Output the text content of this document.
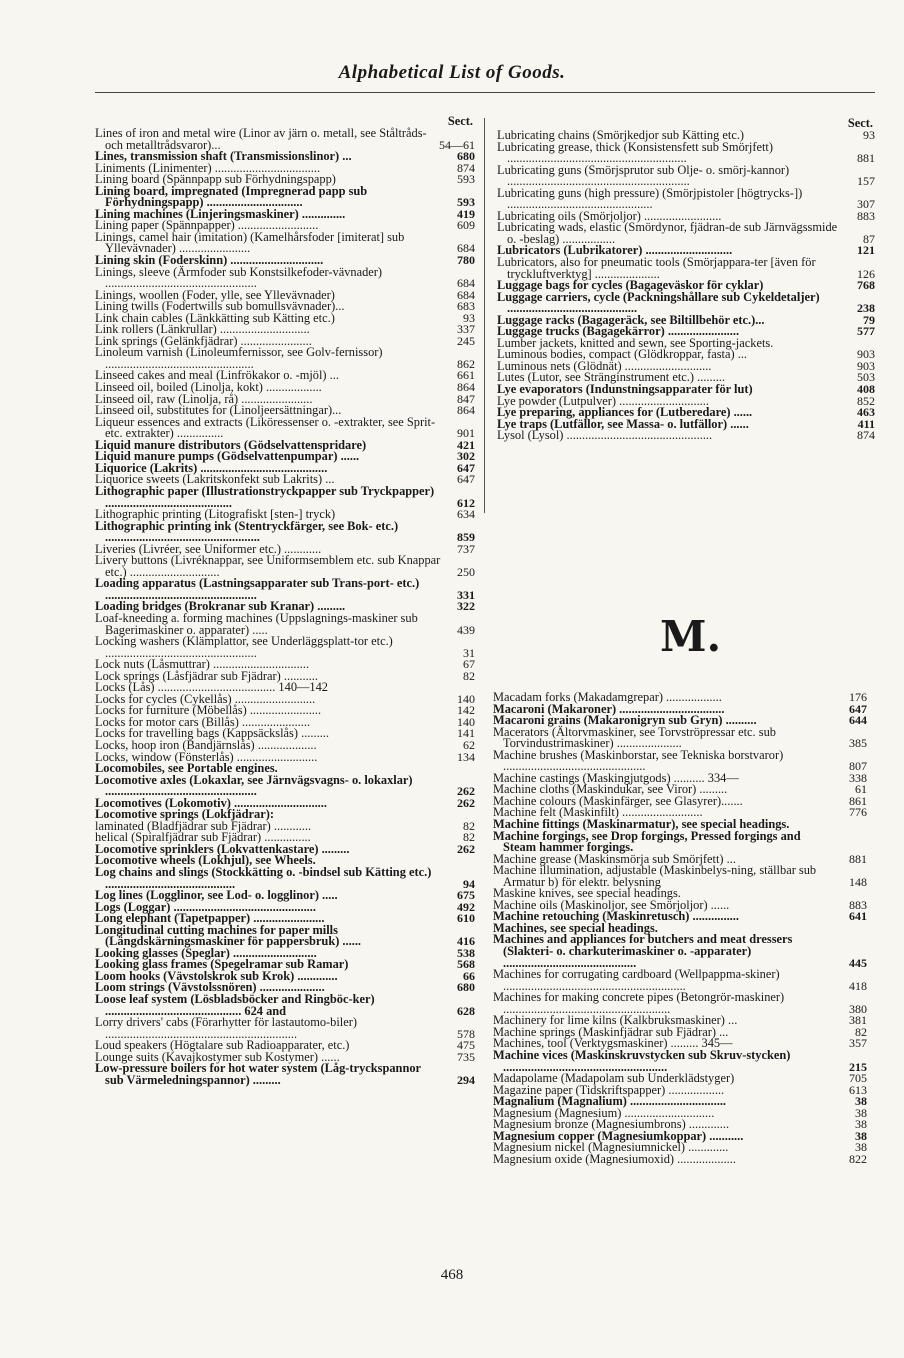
Alphabetical List of Goods.
Sect.
Lines of iron and metal wire (Linor av järn o. metall, see Ståltråds- och metalltrådsvaror)...	54—61
Lines, transmission shaft (Transmissionslinor) ...	680
Liniments (Linimenter) ..................................	874
Lining board (Spännpapp sub Förhydningspapp)	593
Lining board, impregnated (Impregnerad papp sub Förhydningspapp) ...............................	593
Lining machines (Linjeringsmaskiner) ..............	419
Lining paper (Spännpapper) ..........................	609
Linings, camel hair (imitation) (Kamelhårsfoder [imiterat] sub Yllevävnader) .......................	684
Lining skin (Foderskinn) ..............................	780
Linings, sleeve (Ärmfoder sub Konstsilkefoder-vävnader) .................................................	684
Linings, woollen (Foder, ylle, see Yllevävnader)	684
Lining twills (Fodertwills sub bomullsvävnader)...	683
Link chain cables (Länkkätting sub Kätting etc.)	93
Link rollers (Länkrullar) .............................	337
Link springs (Gelänkfjädrar) .......................	245
Linoleum varnish (Linoleumfernissor, see Golv-fernissor) ................................................	862
Linseed cakes and meal (Linfrökakor o. -mjöl) ...	661
Linseed oil, boiled (Linolja, kokt) ..................	864
Linseed oil, raw (Linolja, rå) .......................	847
Linseed oil, substitutes for (Linoljeersättningar)...	864
Liqueur essences and extracts (Liköressenser o. -extrakter, see Sprit- etc. extrakter) ...............	901
Liquid manure distributors (Gödselvattenspridare)	421
Liquid manure pumps (Gödselvattenpumpar) ......	302
Liquorice (Lakrits) .........................................	647
Liquorice sweets (Lakritskonfekt sub Lakrits) ...	647
Lithographic paper (Illustrationstryckpapper sub Tryckpapper) .........................................	612
Lithographic printing (Litografiskt [sten-] tryck)	634
Lithographic printing ink (Stentryckfärger, see Bok- etc.) ..................................................	859
Liveries (Livréer, see Uniformer etc.) ............	737
Livery buttons (Livréknappar, see Uniformsemblem etc. sub Knappar etc.) .............................	250
Loading apparatus (Lastningsapparater sub Trans-port- etc.) .................................................	331
Loading bridges (Brokranar sub Kranar) .........	322
Loaf-kneeding a. forming machines (Uppslagnings-maskiner sub Bagerimaskiner o. apparater) .....	439
Locking washers (Klämplattor, see Underläggsplatt-tor etc.) .................................................	31
Lock nuts (Låsmuttrar) ...............................	67
Lock springs (Låsfjädrar sub Fjädrar) ...........	82
Locks (Lås) ...................................... 140—142
Locks for cycles (Cykellås) ..........................	140
Locks for furniture (Möbellås) .......................	142
Locks for motor cars (Billås) ......................	140
Locks for travelling bags (Kappsäckslås) .........	141
Locks, hoop iron (Bandjärnslås) ...................	62
Locks, window (Fönsterlås) ..........................	134
Locomobiles, see Portable engines.
Locomotive axles (Lokaxlar, see Järnvägsvagns- o. lokaxlar) .................................................	262
Locomotives (Lokomotiv) ..............................	262
Locomotive springs (Lokfjädrar):
laminated (Bladfjädrar sub Fjädrar) ............	82
helical (Spiralfjädrar sub Fjädrar) ...............	82
Locomotive sprinklers (Lokvattenkastare) .........	262
Locomotive wheels (Lokhjul), see Wheels.
Log chains and slings (Stockkätting o. -bindsel sub Kätting etc.) ..........................................	94
Log lines (Logglinor, see Lod- o. logglinor) .....	675
Logs (Loggar) ..............................................	492
Long elephant (Tapetpapper) .......................	610
Longitudinal cutting machines for paper mills (Längdskärningsmaskiner för pappersbruk) ......	416
Looking glasses (Speglar) ...........................	538
Looking glass frames (Spegelramar sub Ramar)	568
Loom hooks (Vävstolskrok sub Krok) .............	66
Loom strings (Vävstolssnören) .....................	680
Loose leaf system (Lösbladsböcker and Ringböc-ker) ............................................ 624 and	628
Lorry drivers' cabs (Förarhytter för lastautomo-biler) ..............................................................	578
Loud speakers (Högtalare sub Radioapparater, etc.)	475
Lounge suits (Kavajkostymer sub Kostymer) ......	735
Low-pressure boilers for hot water system (Låg-tryckspannor sub Värmeledningspannor) .........	294
Sect.
Lubricating chains (Smörjkedjor sub Kätting etc.)	93
Lubricating grease, thick (Konsistensfett sub Smörjfett) ..........................................................	881
Lubricating guns (Smörjsprutor sub Olje- o. smörj-kannor) ...........................................................	157
Lubricating guns (high pressure) (Smörjpistoler [högtrycks-]) ...............................................	307
Lubricating oils (Smörjoljor) .........................	883
Lubricating wads, elastic (Smördynor, fjädran-de sub Järnvägssmide o. -beslag) .................	87
Lubricators (Lubrikatorer) ............................	121
Lubricators, also for pneumatic tools (Smörjappara-ter [även för tryckluftverktyg] .....................	126
Luggage bags for cycles (Bagageväskor för cyklar)	768
Luggage carriers, cycle (Packningshållare sub Cykeldetaljer) ..........................................	238
Luggage racks (Bagageräck, see Biltillbehör etc.)...	79
Luggage trucks (Bagagekärror) .......................	577
Lumber jackets, knitted and sewn, see Sporting-jackets.
Luminous bodies, compact (Glödkroppar, fasta) ...	903
Luminous nets (Glödnät) ............................	903
Lutes (Lutor, see Stränginstrument etc.) .........	503
Lye evaporators (Indunstningsapparater för lut)	408
Lye powder (Lutpulver) .............................	852
Lye preparing, appliances for (Lutberedare) ......	463
Lye traps (Lutfällor, see Massa- o. lutfällor) ......	411
Lysol (Lysol) ...............................................	874
M.
Macadam forks (Makadamgrepar) ..................	176
Macaroni (Makaroner) ..................................	647
Macaroni grains (Makaronigryn sub Gryn) ..........	644
Macerators (Ältorvmaskiner, see Torvströpressar etc. sub Torvindustrimaskiner) .....................	385
Machine brushes (Maskinborstar, see Tekniska borstvaror) ..............................................	807
Machine castings (Maskingjutgods) .......... 334—	338
Machine cloths (Maskindukar, see Viror) .........	61
Machine colours (Maskinfärger, see Glasyrer).......	861
Machine felt (Maskinfilt) ..........................	776
Machine fittings (Maskinarmatur), see special headings.
Machine forgings, see Drop forgings, Pressed forgings and Steam hammer forgings.
Machine grease (Maskinsmörja sub Smörjfett) ...	881
Machine illumination, adjustable (Maskinbelys-ning, ställbar sub Armatur b) för elektr. belysning	148
Maskine knives, see special headings.
Machine oils (Maskinoljor, see Smörjoljor) ......	883
Machine retouching (Maskinretusch) ...............	641
Machines, see special headings.
Machines and appliances for butchers and meat dressers (Slakteri- o. charkuterimaskiner o. -apparater) ...........................................	445
Machines for corrugating cardboard (Wellpappma-skiner) ...........................................................	418
Machines for making concrete pipes (Betongrör-maskiner) ......................................................	380
Machinery for lime kilns (Kalkbruksmaskiner) ...	381
Machine springs (Maskinfjädrar sub Fjädrar) ...	82
Machines, tool (Verktygsmaskiner) ......... 345—	357
Machine vices (Maskinskruvstycken sub Skruv-stycken) .....................................................	215
Madapolame (Madapolam sub Underklädstyger)	705
Magazine paper (Tidskriftspapper) ..................	613
Magnalium (Magnalium) ...............................	38
Magnesium (Magnesium) .............................	38
Magnesium bronze (Magnesiumbrons) .............	38
Magnesium copper (Magnesiumkoppar) ...........	38
Magnesium nickel (Magnesiumnickel) .............	38
Magnesium oxide (Magnesiumoxid) ...................	822
468
